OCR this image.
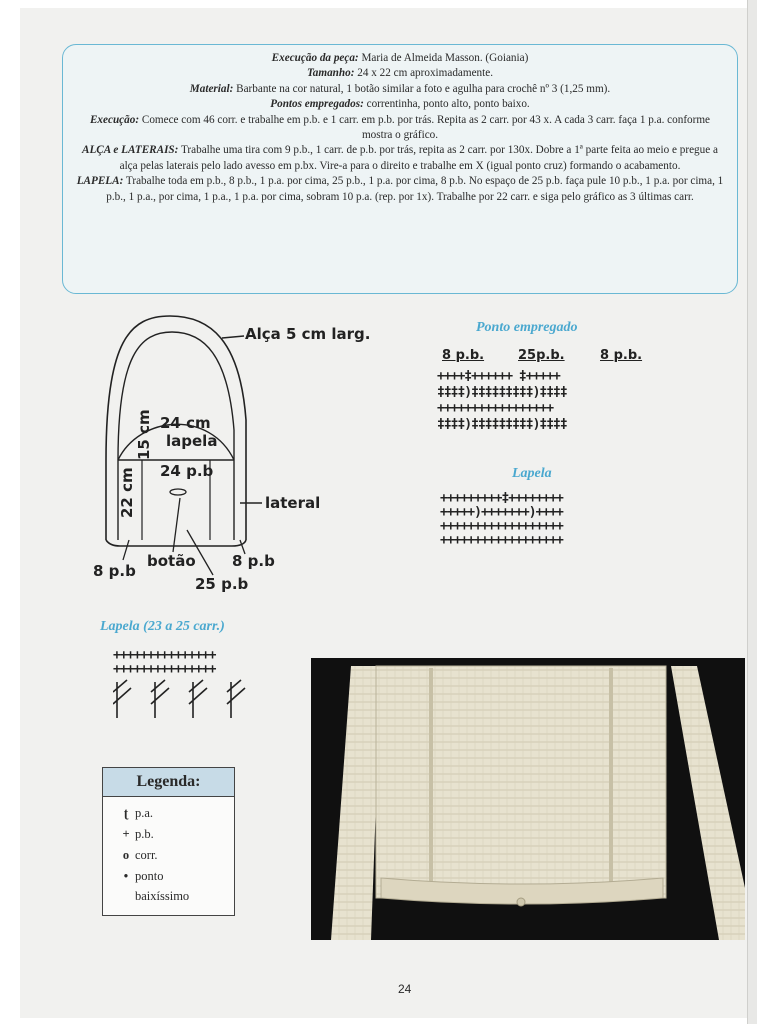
Execução da peça: Maria de Almeida Masson. (Goiania)

Tamanho: 24 x 22 cm aproximadamente.

Material: Barbante na cor natural, 1 botão similar a foto e agulha para crochê nº 3 (1,25 mm).

Pontos empregados: correntinha, ponto alto, ponto baixo.

Execução: Comece com 46 corr. e trabalhe em p.b. e 1 carr. em p.b. por trás. Repita as 2 carr. por 43 x. A cada 3 carr. faça 1 p.a. conforme mostra o gráfico.

ALÇA e LATERAIS: Trabalhe uma tira com 9 p.b., 1 carr. de p.b. por trás, repita as 2 carr. por 130x. Dobre a 1ª parte feita ao meio e pregue a alça pelas laterais pelo lado avesso em p.bx. Vire-a para o direito e trabalhe em X (igual ponto cruz) formando o acabamento.

LAPELA: Trabalhe toda em p.b., 8 p.b., 1 p.a. por cima, 25 p.b., 1 p.a. por cima, 8 p.b. No espaço de 25 p.b. faça pule 10 p.b., 1 p.a. por cima, 1 p.b., 1 p.a., por cima, 1 p.a., 1 p.a. por cima, sobram 10 p.a. (rep. por 1x). Trabalhe por 22 carr. e siga pelo gráfico as 3 últimas carr.

Alça 5 cm larg.
24 cm
lapela
15 cm
24 p.b
22 cm	lateral
8 p.b
botão 8 p.b
25 p.b
Ponto empregado
8 p.b.	25p.b.	8 p.b.
++++‡++++++ ‡+++++
‡‡‡‡)‡‡‡‡‡‡‡‡‡)‡‡‡‡
+++++++++++++++++
‡‡‡‡)‡‡‡‡‡‡‡‡‡)‡‡‡‡
Lapela
+++++++++‡++++++++
+++++)+++++++)++++
++++++++++++++++++
++++++++++++++++++
Lapela (23 a 25 carr.)
+++++++++++++++
+++++++++++++++
Legenda:
ʈ p.a.
+ p.b.
o corr.
• ponto
baixíssimo
24
